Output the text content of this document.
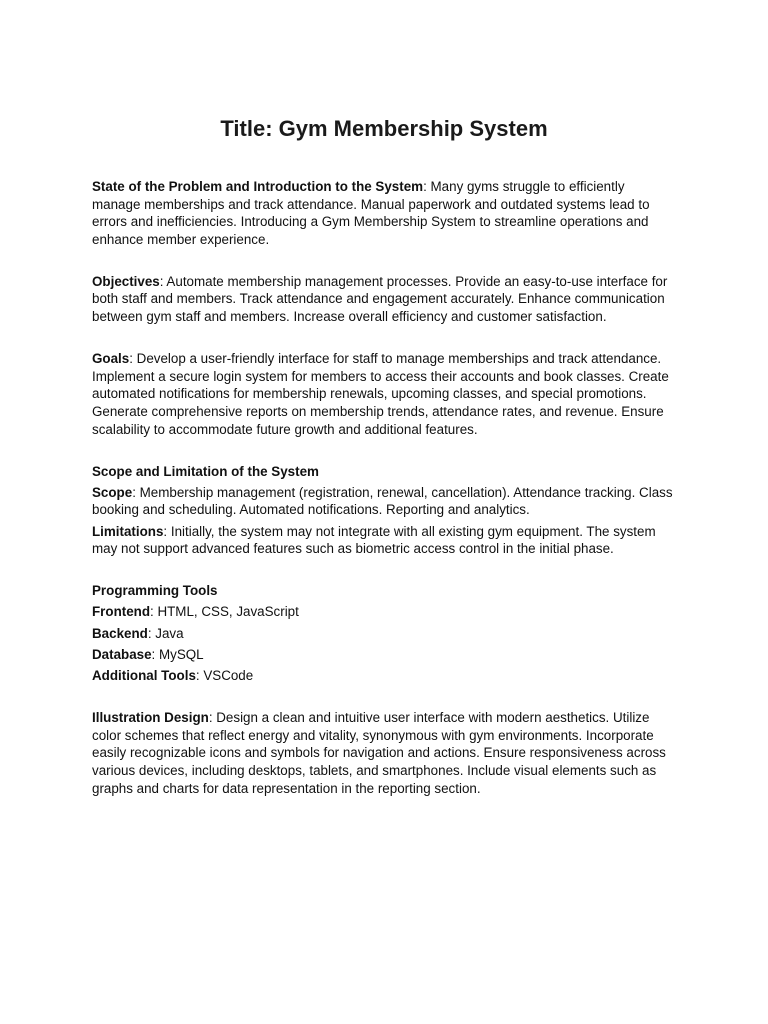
Title: Gym Membership System

State of the Problem and Introduction to the System: Many gyms struggle to efficiently manage memberships and track attendance. Manual paperwork and outdated systems lead to errors and inefficiencies. Introducing a Gym Membership System to streamline operations and enhance member experience.

Objectives: Automate membership management processes. Provide an easy-to-use interface for both staff and members. Track attendance and engagement accurately. Enhance communication between gym staff and members. Increase overall efficiency and customer satisfaction.

Goals: Develop a user-friendly interface for staff to manage memberships and track attendance. Implement a secure login system for members to access their accounts and book classes. Create automated notifications for membership renewals, upcoming classes, and special promotions. Generate comprehensive reports on membership trends, attendance rates, and revenue. Ensure scalability to accommodate future growth and additional features.

Scope and Limitation of the System

Scope: Membership management (registration, renewal, cancellation). Attendance tracking. Class booking and scheduling. Automated notifications. Reporting and analytics.

Limitations: Initially, the system may not integrate with all existing gym equipment. The system may not support advanced features such as biometric access control in the initial phase.

Programming Tools

Frontend: HTML, CSS, JavaScript

Backend: Java

Database: MySQL

Additional Tools: VSCode

Illustration Design: Design a clean and intuitive user interface with modern aesthetics. Utilize color schemes that reflect energy and vitality, synonymous with gym environments. Incorporate easily recognizable icons and symbols for navigation and actions. Ensure responsiveness across various devices, including desktops, tablets, and smartphones. Include visual elements such as graphs and charts for data representation in the reporting section.
